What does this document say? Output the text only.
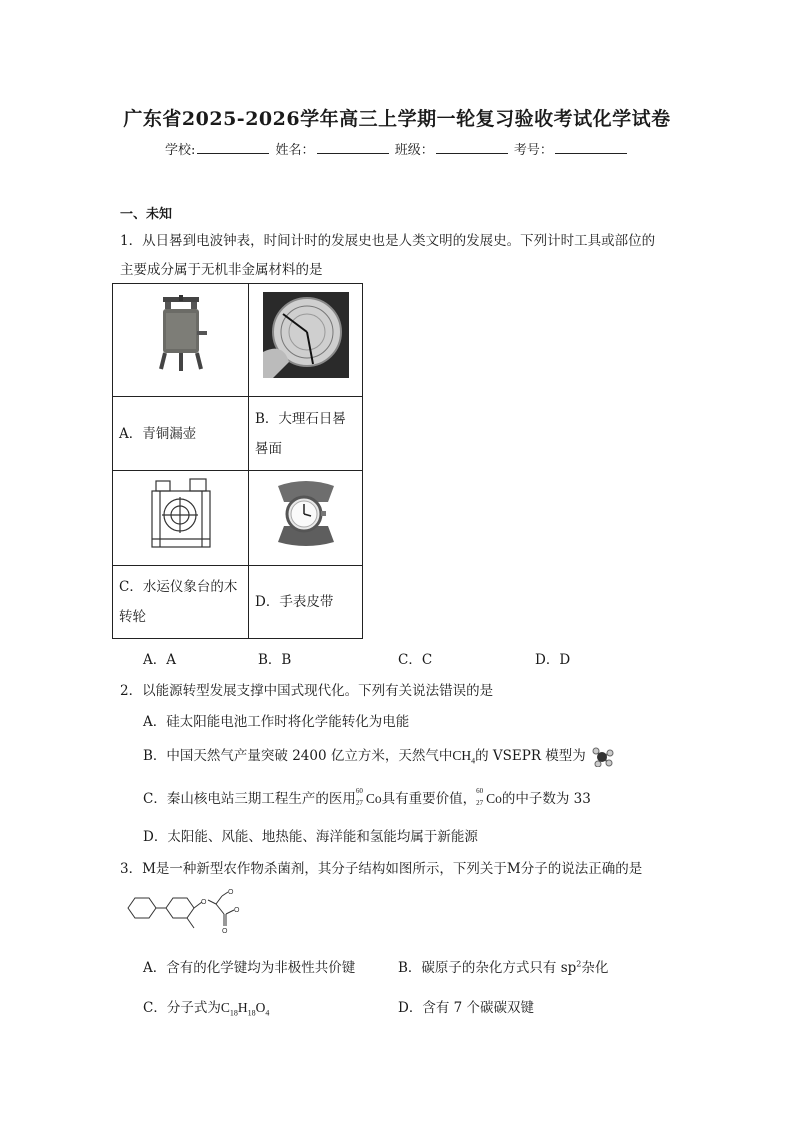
广东省2025-2026学年高三上学期一轮复习验收考试化学试卷
学校:	姓名：	班级：	考号：
一、未知
1．从日晷到电波钟表，时间计时的发展史也是人类文明的发展史。下列计时工具或部位的
主要成分属于无机非金属材料的是

A．青铜漏壶	B．大理石日晷
晷面

C．水运仪象台的木
转轮	D．手表皮带
A．A	B．B	C．C	D．D
2．以能源转型发展支撑中国式现代化。下列有关说法错误的是
A．硅太阳能电池工作时将化学能转化为电能
B．中国天然气产量突破 2400 亿立方米，天然气中$CH_4$的 VSEPR 模型为
C．秦山核电站三期工程生产的医用 60
27 Co具有重要价值， 60
27 Co的中子数为 33
D．太阳能、风能、地热能、海洋能和氢能均属于新能源
3．M是一种新型农作物杀菌剂，其分子结构如图所示，下列关于M分子的说法正确的是
O
O
O
O
A．含有的化学键均为非极性共价键	B．碳原子的杂化方式只有 $sp^2$杂化
C．分子式为$C_{18}H_{18}O_4$	D．含有 7 个碳碳双键
